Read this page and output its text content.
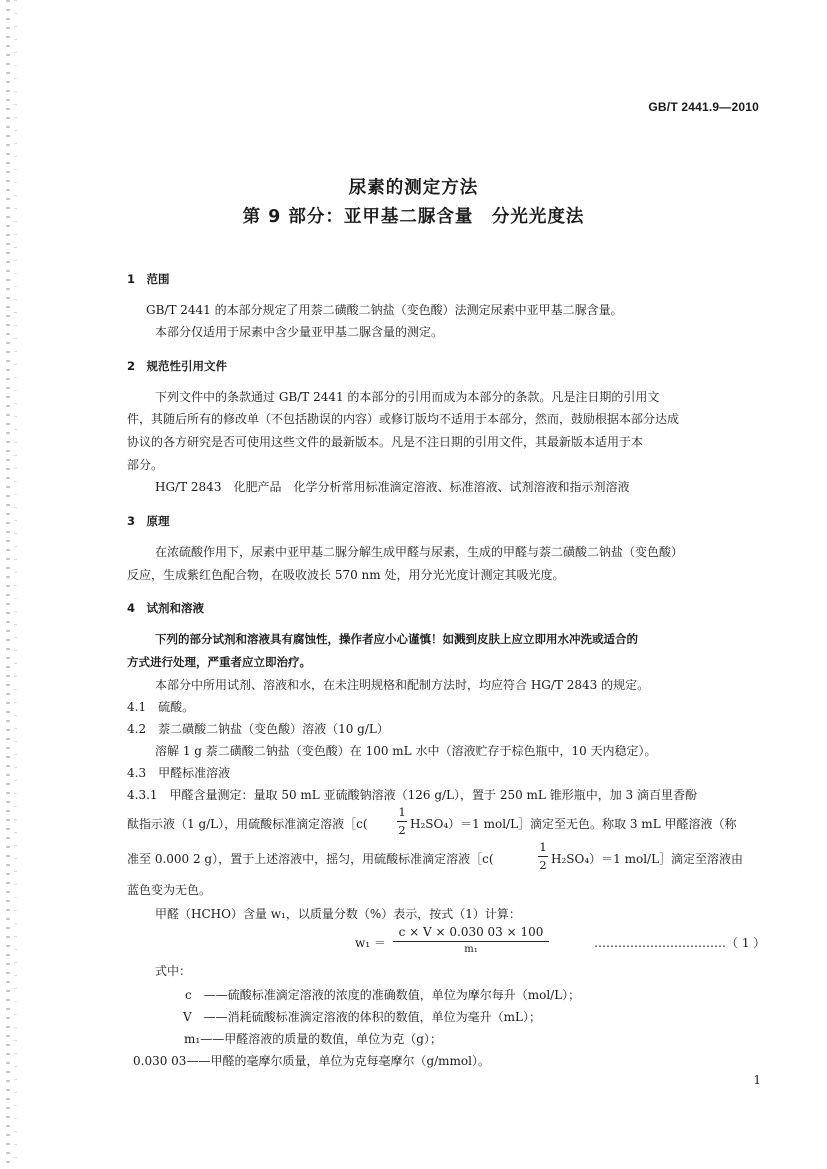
GB/T 2441.9—2010
尿素的测定方法
第 9 部分：亚甲基二脲含量　分光光度法
1　范围
GB/T 2441 的本部分规定了用萘二磺酸二钠盐（变色酸）法测定尿素中亚甲基二脲含量。
本部分仅适用于尿素中含少量亚甲基二脲含量的测定。
2　规范性引用文件
下列文件中的条款通过 GB/T 2441 的本部分的引用而成为本部分的条款。凡是注日期的引用文
件，其随后所有的修改单（不包括勘误的内容）或修订版均不适用于本部分，然而，鼓励根据本部分达成
协议的各方研究是否可使用这些文件的最新版本。凡是不注日期的引用文件，其最新版本适用于本
部分。
HG/T 2843　化肥产品　化学分析常用标准滴定溶液、标准溶液、试剂溶液和指示剂溶液
3　原理
在浓硫酸作用下，尿素中亚甲基二脲分解生成甲醛与尿素，生成的甲醛与萘二磺酸二钠盐（变色酸）
反应，生成紫红色配合物，在吸收波长 570 nm 处，用分光光度计测定其吸光度。
4　试剂和溶液
下列的部分试剂和溶液具有腐蚀性，操作者应小心谨慎！如溅到皮肤上应立即用水冲洗或适合的
方式进行处理，严重者应立即治疗。
本部分中所用试剂、溶液和水，在未注明规格和配制方法时，均应符合 HG/T 2843 的规定。
4.1　硫酸。
4.2　萘二磺酸二钠盐（变色酸）溶液（10 g/L）
溶解 1 g 萘二磺酸二钠盐（变色酸）在 100 mL 水中（溶液贮存于棕色瓶中，10 天内稳定）。
4.3　甲醛标准溶液
4.3.1　甲醛含量测定：量取 50 mL 亚硫酸钠溶液（126 g/L），置于 250 mL 锥形瓶中，加 3 滴百里香酚
酞指示液（1 g/L），用硫酸标准滴定溶液［c(
1
2 H₂SO₄）＝1 mol/L］滴定至无色。称取 3 mL 甲醛溶液（称
准至 0.000 2 g），置于上述溶液中，摇匀，用硫酸标准滴定溶液［c(
1
2 H₂SO₄）＝1 mol/L］滴定至溶液由
蓝色变为无色。
甲醛（HCHO）含量 w₁，以质量分数（%）表示，按式（1）计算：
w₁ ＝
c × V × 0.030 03 × 100
m₁	……………………………（ 1 ）
式中：
c　——硫酸标准滴定溶液的浓度的准确数值，单位为摩尔每升（mol/L）；
V　——消耗硫酸标准滴定溶液的体积的数值，单位为毫升（mL）；
m₁——甲醛溶液的质量的数值，单位为克（g）；
0.030 03——甲醛的毫摩尔质量，单位为克每毫摩尔（g/mmol）。
1
